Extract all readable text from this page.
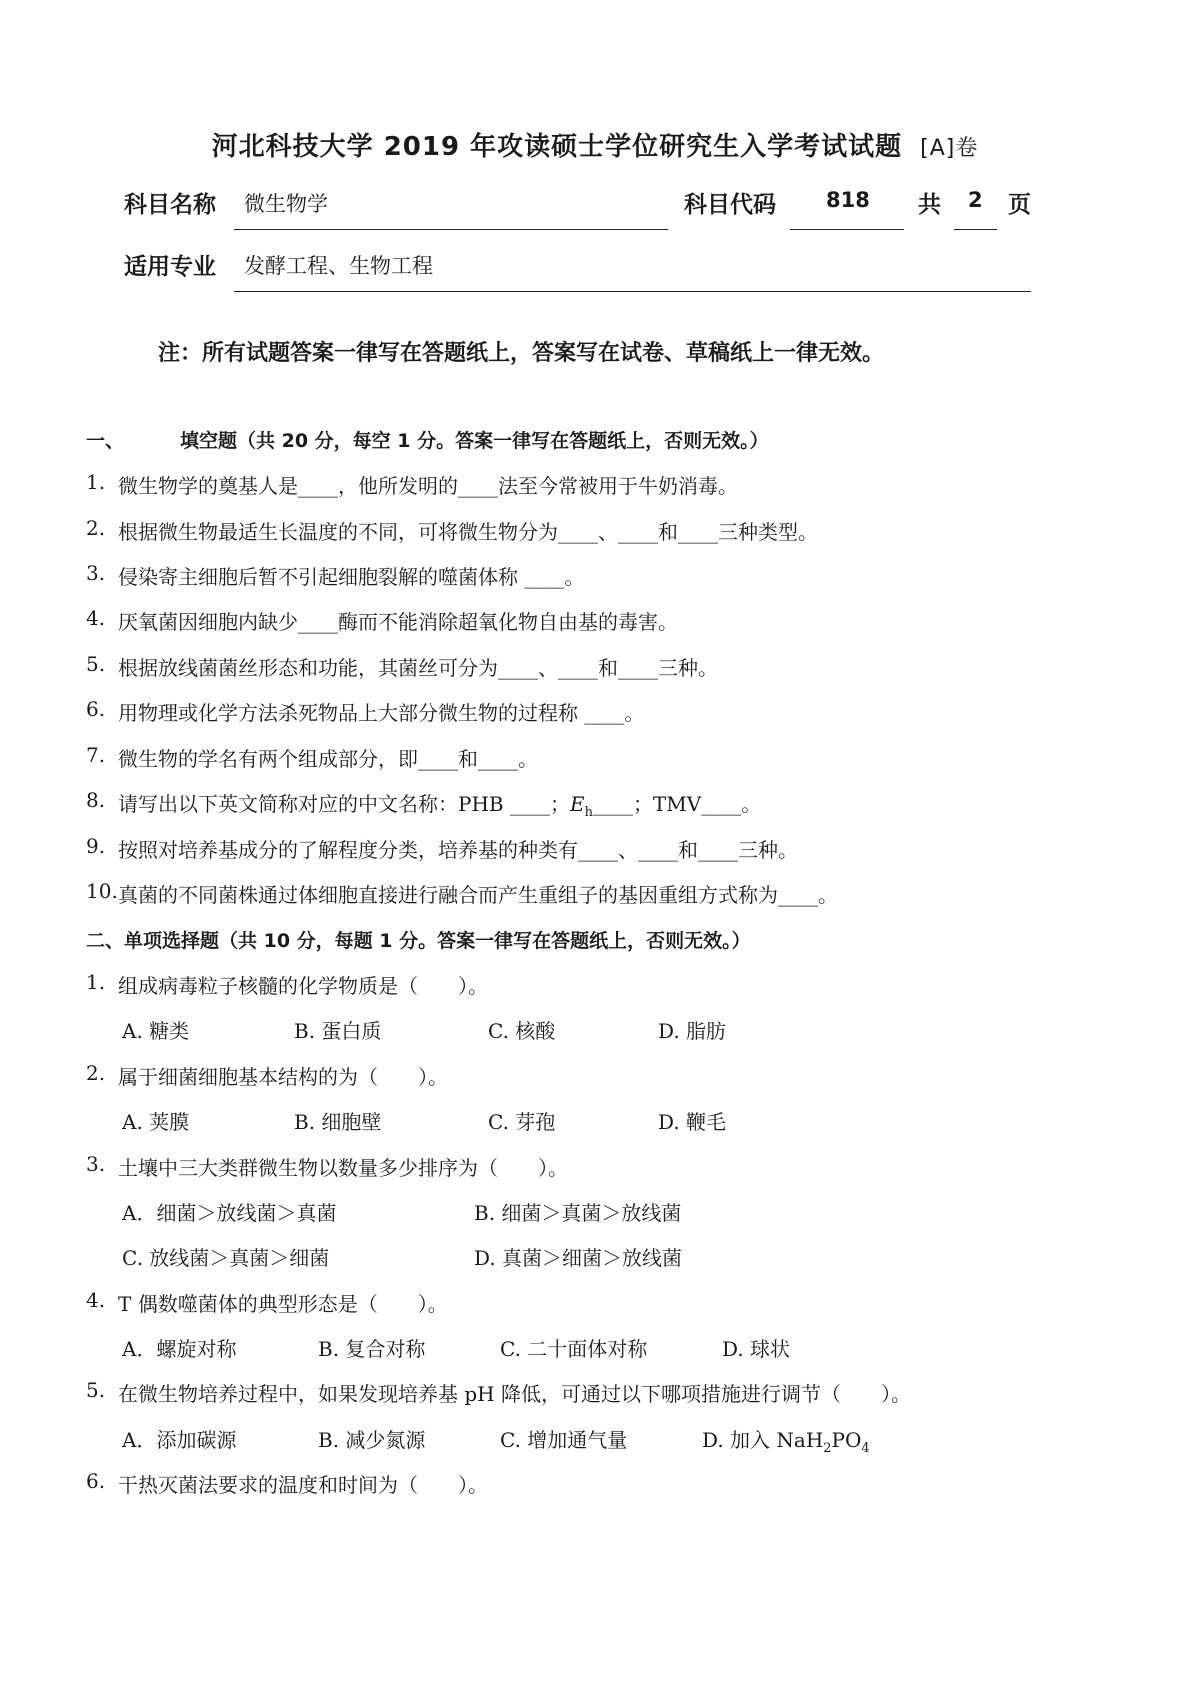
河北科技大学 2019 年攻读硕士学位研究生入学考试试题 [A]卷
科目名称 微生物学	科目代码 818 共 2 页
适用专业 发酵工程、生物工程
注：所有试题答案一律写在答题纸上，答案写在试卷、草稿纸上一律无效。
一、	填空题（共 20 分，每空 1 分。答案一律写在答题纸上，否则无效。）
1. 微生物学的奠基人是____，他所发明的____法至今常被用于牛奶消毒。
2. 根据微生物最适生长温度的不同，可将微生物分为____、____和____三种类型。
3. 侵染寄主细胞后暂不引起细胞裂解的噬菌体称 ____。
4. 厌氧菌因细胞内缺少____酶而不能消除超氧化物自由基的毒害。
5. 根据放线菌菌丝形态和功能，其菌丝可分为____、____和____三种。
6. 用物理或化学方法杀死物品上大部分微生物的过程称 ____。
7. 微生物的学名有两个组成部分，即____和____。
8. 请写出以下英文简称对应的中文名称：PHB ____；$E_h\_\_\_\_$；TMV____。
9. 按照对培养基成分的了解程度分类，培养基的种类有____、____和____三种。
10. 真菌的不同菌株通过体细胞直接进行融合而产生重组子的基因重组方式称为____。
二、单项选择题（共 10 分，每题 1 分。答案一律写在答题纸上，否则无效。）
1. 组成病毒粒子核髓的化学物质是（　　）。
A. 糖类	B. 蛋白质	C. 核酸	D. 脂肪
2. 属于细菌细胞基本结构的为（　　）。
A. 荚膜	B. 细胞壁	C. 芽孢	D. 鞭毛
3. 土壤中三大类群微生物以数量多少排序为（　　）。
A．细菌＞放线菌＞真菌	B. 细菌＞真菌＞放线菌
C. 放线菌＞真菌＞细菌	D. 真菌＞细菌＞放线菌
4. T 偶数噬菌体的典型形态是（　　）。
A．螺旋对称	B. 复合对称	C. 二十面体对称	D. 球状
5. 在微生物培养过程中，如果发现培养基 pH 降低，可通过以下哪项措施进行调节（　　）。
A．添加碳源	B. 减少氮源	C. 增加通气量	D. 加入 $NaH_2PO_4$
6. 干热灭菌法要求的温度和时间为（　　）。
